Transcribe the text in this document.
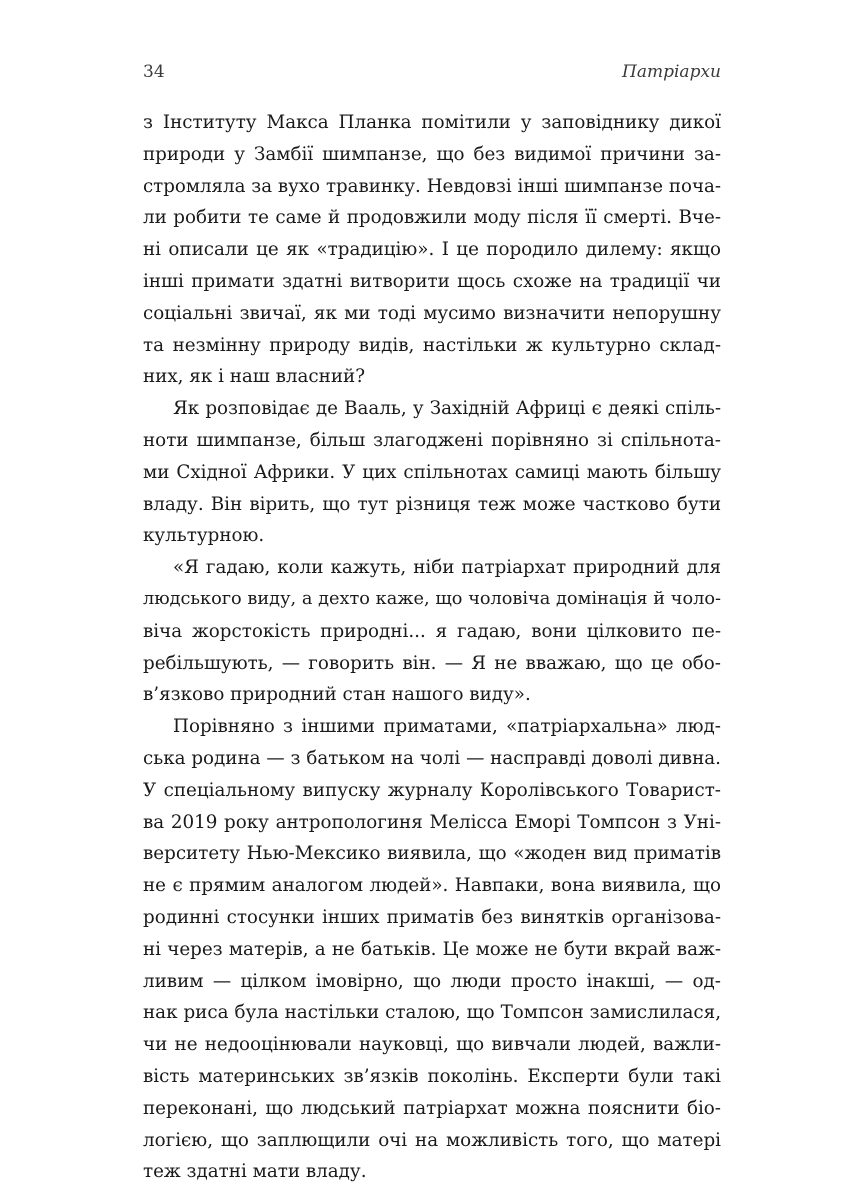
34	Патріархи
з Інституту Макса Планка помітили у заповіднику дикої
природи у Замбії шимпанзе, що без видимої причини за-
стромляла за вухо травинку. Невдовзі інші шимпанзе поча-
ли робити те саме й продовжили моду після її смерті. Вче-
ні описали це як «традицію». І це породило дилему: якщо
інші примати здатні витворити щось схоже на традиції чи
соціальні звичаї, як ми тоді мусимо визначити непорушну
та незмінну природу видів, настільки ж культурно склад-
них, як і наш власний?
Як розповідає де Вааль, у Західній Африці є деякі спіль-
ноти шимпанзе, більш злагоджені порівняно зі спільнота-
ми Східної Африки. У цих спільнотах самиці мають більшу
владу. Він вірить, що тут різниця теж може частково бути
культурною.
«Я гадаю, коли кажуть, ніби патріархат природний для
людського виду, а дехто каже, що чоловіча домінація й чоло-
віча жорстокість природні... я гадаю, вони цілковито пе-
ребільшують, — говорить він. — Я не вважаю, що це обо-
в’язково природний стан нашого виду».
Порівняно з іншими приматами, «патріархальна» люд-
ська родина — з батьком на чолі — насправді доволі дивна.
У спеціальному випуску журналу Королівського Товарист-
ва 2019 року антропологиня Мелісса Еморі Томпсон з Уні-
верситету Нью-Мексико виявила, що «жоден вид приматів
не є прямим аналогом людей». Навпаки, вона виявила, що
родинні стосунки інших приматів без винятків організова-
ні через матерів, а не батьків. Це може не бути вкрай важ-
ливим — цілком імовірно, що люди просто інакші, — од-
нак риса була настільки сталою, що Томпсон замислилася,
чи не недооцінювали науковці, що вивчали людей, важли-
вість материнських зв’язків поколінь. Експерти були такі
переконані, що людський патріархат можна пояснити біо-
логією, що заплющили очі на можливість того, що матері
теж здатні мати владу.
